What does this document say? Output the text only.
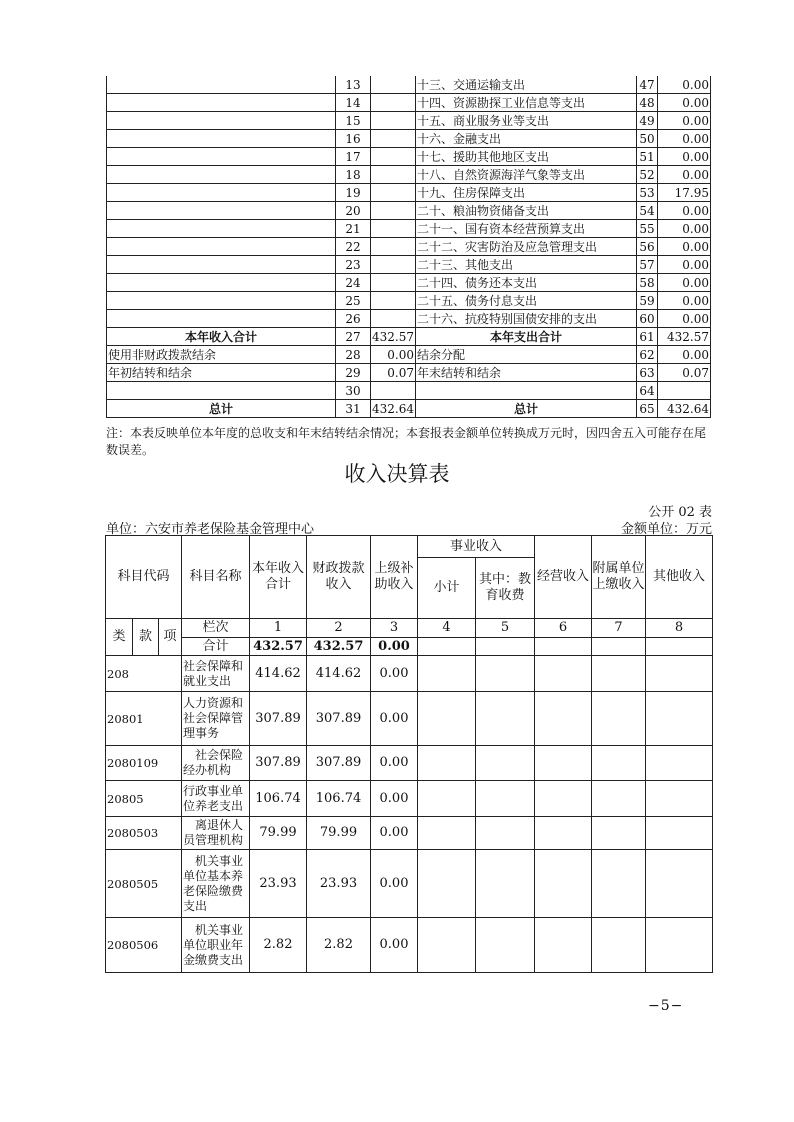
	13		十三、交通运输支出	47	0.00
	14		十四、资源勘探工业信息等支出	48	0.00
	15		十五、商业服务业等支出	49	0.00
	16		十六、金融支出	50	0.00
	17		十七、援助其他地区支出	51	0.00
	18		十八、自然资源海洋气象等支出	52	0.00
	19		十九、住房保障支出	53	17.95
	20		二十、粮油物资储备支出	54	0.00
	21		二十一、国有资本经营预算支出	55	0.00
	22		二十二、灾害防治及应急管理支出	56	0.00
	23		二十三、其他支出	57	0.00
	24		二十四、债务还本支出	58	0.00
	25		二十五、债务付息支出	59	0.00
	26		二十六、抗疫特别国债安排的支出	60	0.00
本年收入合计	27	432.57	本年支出合计	61	432.57
使用非财政拨款结余	28	0.00	结余分配	62	0.00
年初结转和结余	29	0.07	年末结转和结余	63	0.07
	30			64	
总计	31	432.64	总计	65	432.64
注：本表反映单位本年度的总收支和年末结转结余情况；本套报表金额单位转换成万元时，因四舍五入可能存在尾数误差。
收入决算表
公开 02 表
单位：六安市养老保险基金管理中心	金额单位：万元
科目代码			科目名称	本年收入合计	财政拨款收入	上级补助收入	事业收入		经营收入	附属单位上缴收入	其他收入
							小计	其中：教育收费			
类	款	项	栏次	1	2	3	4	5	6	7	8
			合计	432.57	432.57	0.00					
208			社会保障和就业支出	414.62	414.62	0.00					
20801			人力资源和社会保障管理事务	307.89	307.89	0.00					
2080109			社会保险经办机构	307.89	307.89	0.00					
20805			行政事业单位养老支出	106.74	106.74	0.00					
2080503			离退休人员管理机构	79.99	79.99	0.00					
2080505			机关事业单位基本养老保险缴费支出	23.93	23.93	0.00					
2080506			机关事业单位职业年金缴费支出	2.82	2.82	0.00					
−5−
